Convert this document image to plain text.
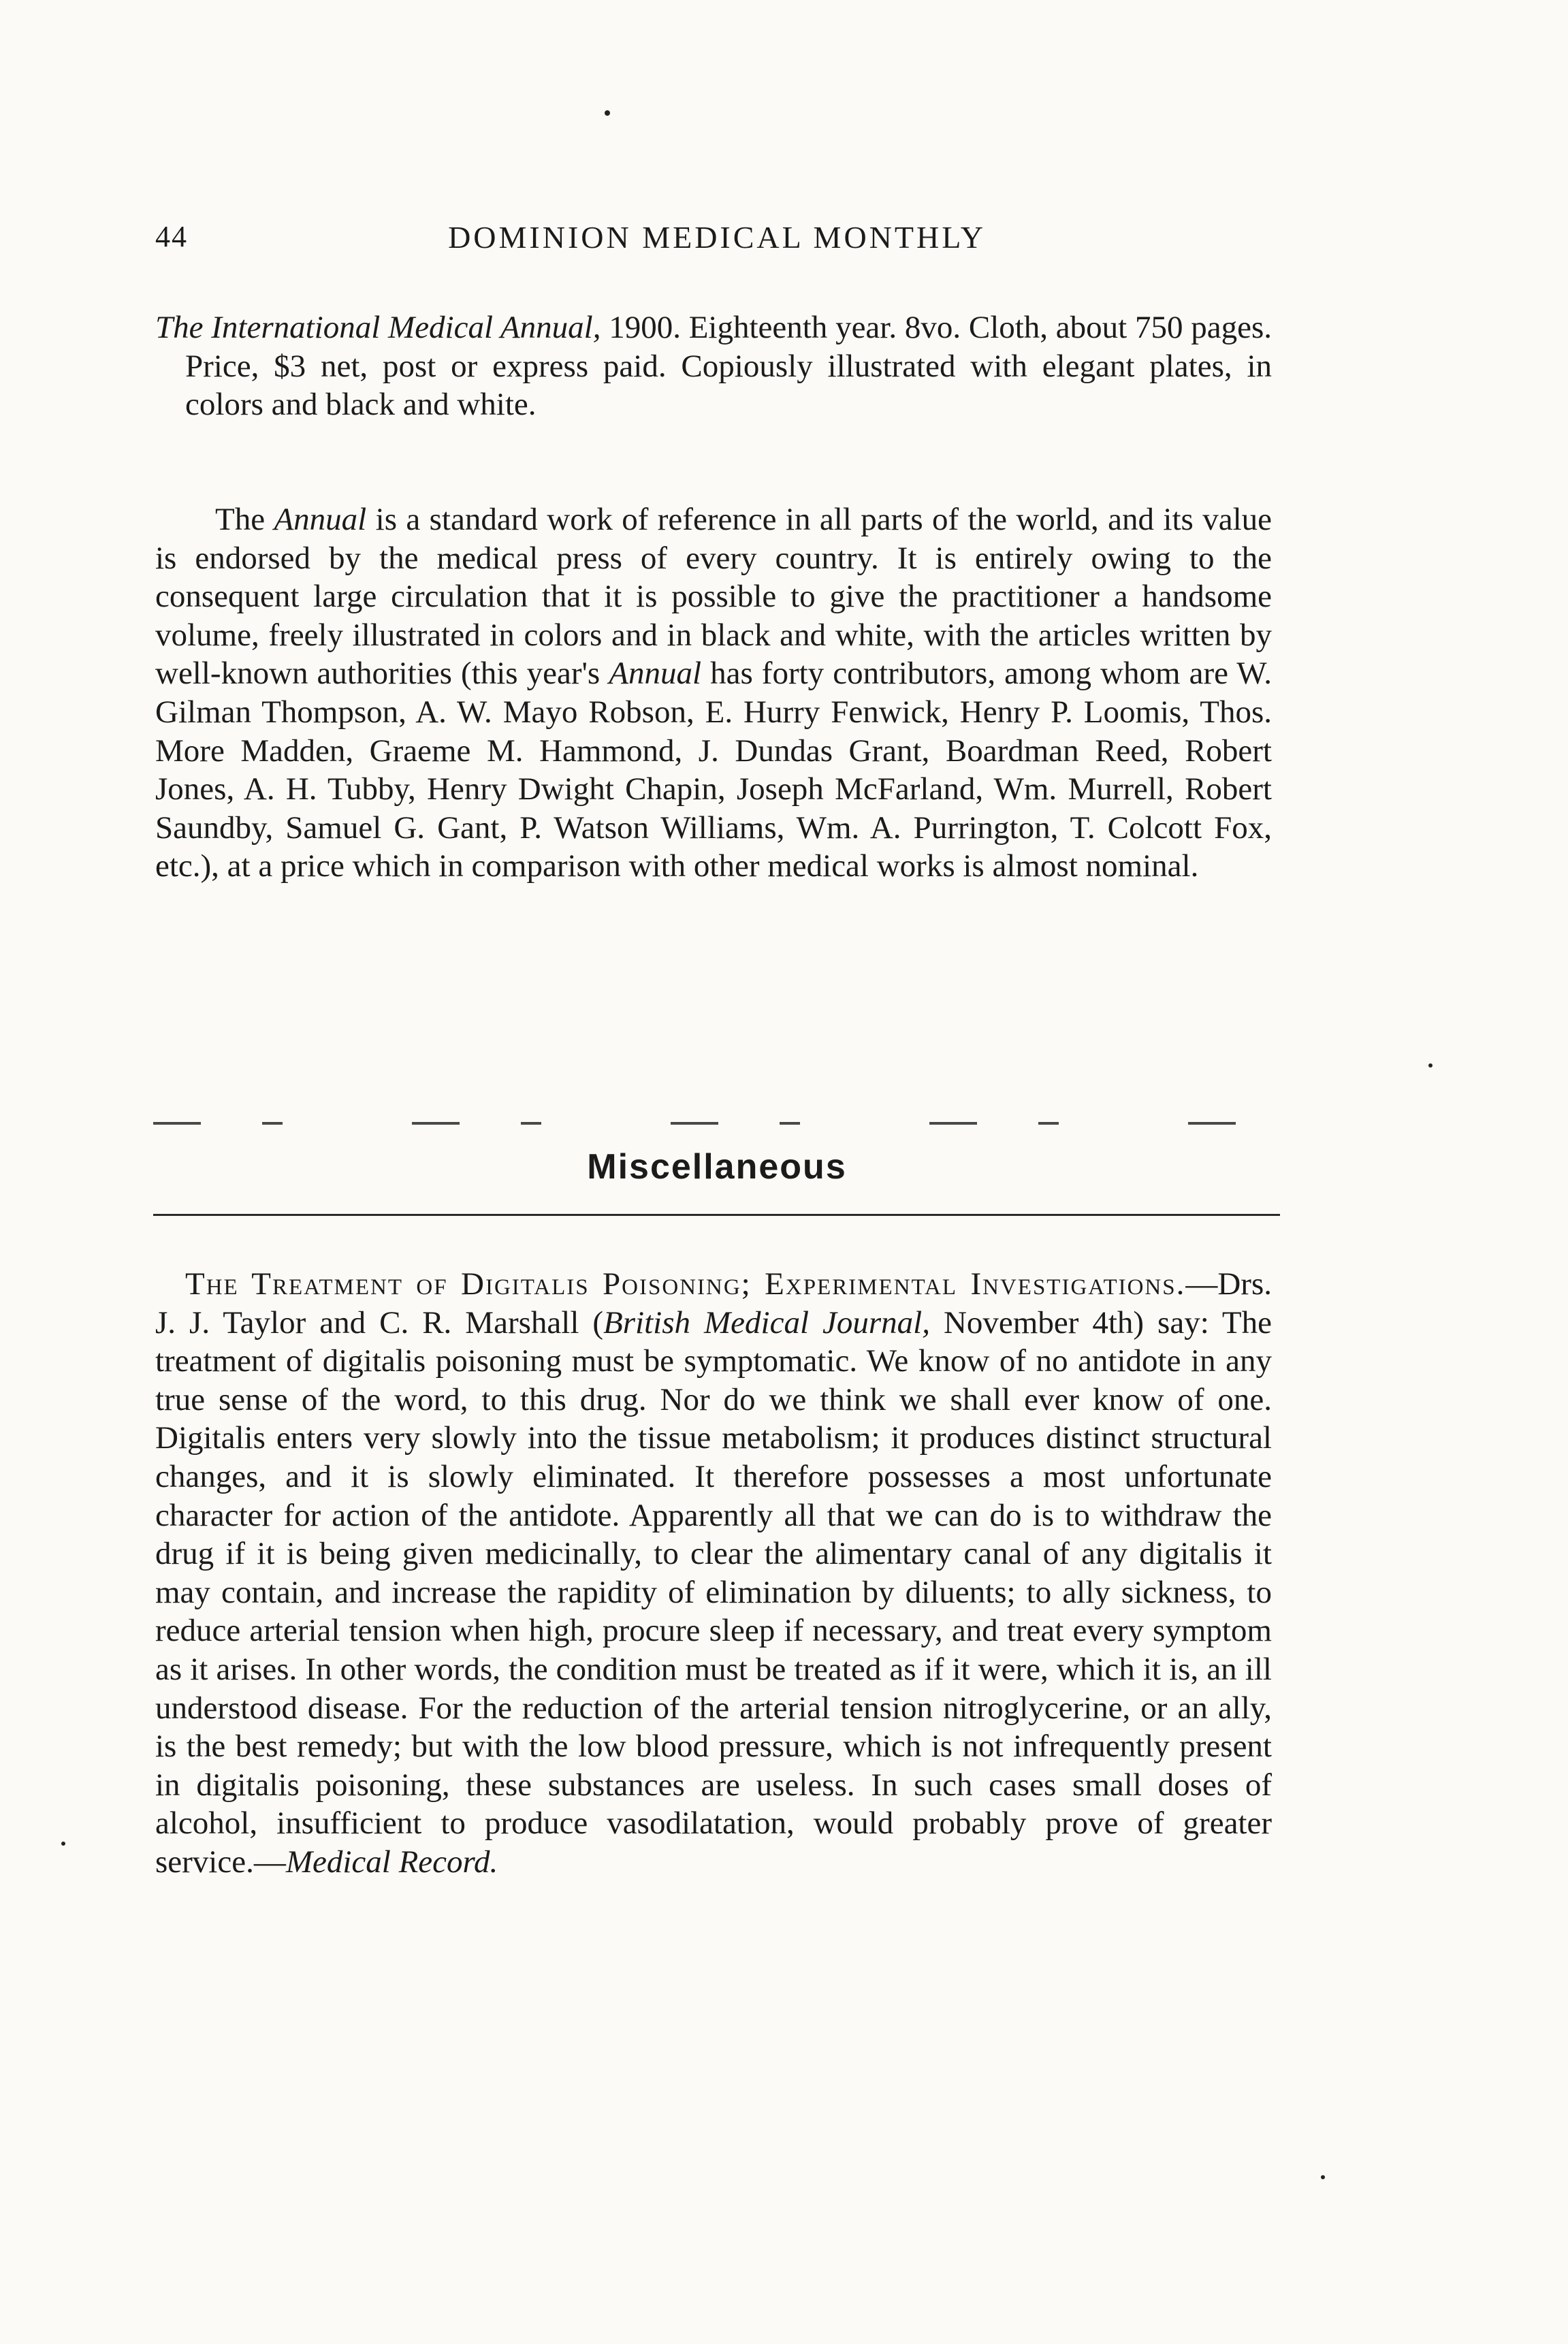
44	DOMINION MEDICAL MONTHLY
The International Medical Annual, 1900. Eighteenth year. 8vo. Cloth, about 750 pages. Price, $3 net, post or express paid. Copiously illustrated with elegant plates, in colors and black and white.
The Annual is a standard work of reference in all parts of the world, and its value is endorsed by the medical press of every country. It is entirely owing to the consequent large circulation that it is possible to give the practitioner a handsome volume, freely illustrated in colors and in black and white, with the articles written by well-known authorities (this year's Annual has forty contributors, among whom are W. Gilman Thompson, A. W. Mayo Robson, E. Hurry Fenwick, Henry P. Loomis, Thos. More Madden, Graeme M. Hammond, J. Dundas Grant, Boardman Reed, Robert Jones, A. H. Tubby, Henry Dwight Chapin, Joseph McFarland, Wm. Murrell, Robert Saundby, Samuel G. Gant, P. Watson Williams, Wm. A. Purrington, T. Colcott Fox, etc.), at a price which in comparison with other medical works is almost nominal.
Miscellaneous
The Treatment of Digitalis Poisoning; Experimental Investigations.—Drs. J. J. Taylor and C. R. Marshall (British Medical Journal, November 4th) say: The treatment of digitalis poisoning must be symptomatic. We know of no antidote in any true sense of the word, to this drug. Nor do we think we shall ever know of one. Digitalis enters very slowly into the tissue metabolism; it produces distinct structural changes, and it is slowly eliminated. It therefore possesses a most unfortunate character for action of the antidote. Apparently all that we can do is to withdraw the drug if it is being given medicinally, to clear the alimentary canal of any digitalis it may contain, and increase the rapidity of elimination by diluents; to ally sickness, to reduce arterial tension when high, procure sleep if necessary, and treat every symptom as it arises. In other words, the condition must be treated as if it were, which it is, an ill understood disease. For the reduction of the arterial tension nitroglycerine, or an ally, is the best remedy; but with the low blood pressure, which is not infrequently present in digitalis poisoning, these substances are useless. In such cases small doses of alcohol, insufficient to produce vasodilatation, would probably prove of greater service.—Medical Record.
